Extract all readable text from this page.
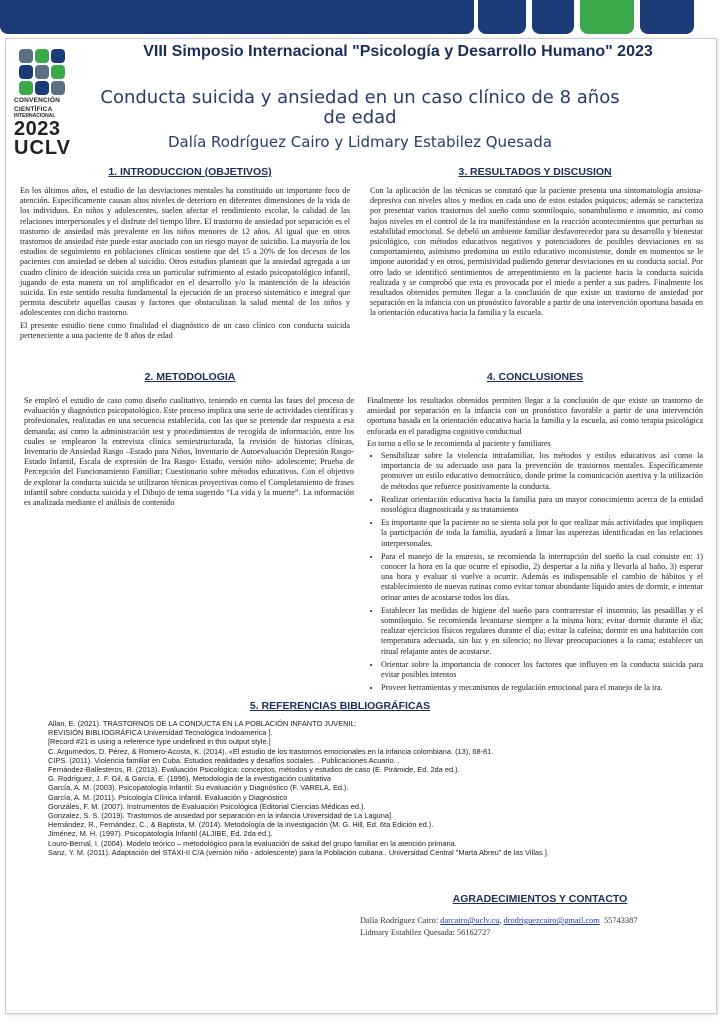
CONVENCIÓN
CIENTÍFICA
INTERNACIONAL
2023
UCLV
VIII Simposio Internacional "Psicología y Desarrollo Humano" 2023
Conducta suicida y ansiedad en un caso clínico de 8 años de edad
Dalía Rodríguez Cairo y Lidmary Estabilez Quesada
1. INTRODUCCION (OBJETIVOS)

En los últimos años, el estudio de las desviaciones mentales ha constituido un importante foco de atención. Específicamente causan altos niveles de deterioro en diferentes dimensiones de la vida de los individuos. En niños y adolescentes, suelen afectar el rendimiento escolar, la calidad de las relaciones interpersonales y el disfrute del tiempo libre. El trastorno de ansiedad por separación es el trastorno de ansiedad más prevalente en los niños menores de 12 años. Al igual que en otros trastornos de ansiedad éste puede estar asociado con un riesgo mayor de suicidio. La mayoría de los estudios de seguimiento en poblaciones clínicas sostiene que del 15 a 20% de los decesos de los pacientes con ansiedad se deben al suicidio. Otros estudios plantean que la ansiedad agregada a un cuadro clínico de ideación suicida crea un particular sufrimiento al estado psicopatológico infantil, jugando de esta manera un rol amplificador en el desarrollo y/o la mantención de la ideación suicida. En este sentido resulta fundamental la ejecución de un proceso sistemático e integral que permita descubrir aquellas causas y factores que obstaculizan la salud mental de los niños y adolescentes con dicho trastorno.

El presente estudio tiene como finalidad el diagnóstico de un caso clínico con conducta suicida perteneciente a una paciente de 8 años de edad

3. RESULTADOS Y DISCUSION

Con la aplicación de las técnicas se constató que la paciente presenta una sintomatología ansiosa-depresiva con niveles altos y medios en cada uno de estos estados psíquicos; además se caracteriza por presentar varios trastornos del sueño como somniloquio, sonambulismo e insomnio, así como bajos niveles en el control de la ira manifestándose en la reacción acontecimientos que perturban su estabilidad emocional. Se debeló un ambiente familiar desfavorecedor para su desarrollo y bienestar psicológico, con métodos educativos negativos y potenciadores de posibles desviaciones en su comportamiento, asimismo predomina un estilo educativo inconsistente, donde en momentos se le impone autoridad y en otros, permisividad pudiendo generar desviaciones en su conducta social. Por otro lado se identificó sentimientos de arrepentimiento en la paciente hacia la conducta suicida realizada y se comprobó que esta es provocada por el miedo a perder a sus padres. Finalmente los resultados obtenidos permiten llegar a la conclusión de que existe un trastorno de ansiedad por separación en la infancia con un pronóstico favorable a partir de una intervención oportuna basada en la orientación educativa hacia la familia y la escuela.

2. METODOLOGIA

Se empleó el estudio de caso como diseño cualitativo, teniendo en cuenta las fases del proceso de evaluación y diagnóstico psicopatológico. Este proceso implica una serie de actividades científicas y profesionales, realizadas en una secuencia establecida, con las que se pretende dar respuesta a esa demanda; así como la administración test y procedimientos de recogida de información, entre los cuales se emplearon la entrevista clínica semiestructurada, la revisión de historias clínicas, Inventario de Ansiedad Rasgo –Estado para Niños, Inventario de Autoevaluación Depresión Rasgo-Estado Infantil, Escala de expresión de Ira Rasgo- Estado, versión niño- adolescente; Prueba de Percepción del Funcionamiento Familiar; Cuestionario sobre métodos educativos. Con el objetivo de explorar la conducta suicida se utilizaron técnicas proyectivas como el Completamiento de frases infantil sobre conducta suicida y el Dibujo de tema sugerido “La vida y la muerte”. La información es analizada mediante el análisis de contenido

4. CONCLUSIONES

Finalmente los resultados obtenidos permiten llegar a la conclusión de que existe un trastorno de ansiedad por separación en la infancia con un pronóstico favorable a partir de una intervención oportuna basada en la orientación educativa hacia la familia y la escuela, así como terapia psicológica enfocada en el paradigma cognitivo conductual

En torno a ello se le recomienda al paciente y familiares

• Sensibilizar sobre la violencia intrafamiliar, los métodos y estilos educativos así como la importancia de su adecuado uso para la prevención de trastornos mentales. Específicamente promover un estilo educativo democrático, donde prime la comunicación asertiva y la utilización de métodos que refuerce positivamente la conducta.
• Realizar orientación educativa hacia la familia para un mayor conocimiento acerca de la entidad nosológica diagnosticada y su tratamiento
• Es importante que la paciente no se sienta sola por lo que realizar más actividades que impliquen la participación de toda la familia, ayudará a limar las asperezas identificadas en las relaciones interpersonales.
• Para el manejo de la enuresis, se recomienda la interrupción del sueño la cual consiste en: 1) conocer la hora en la que ocurre el episodio, 2) despertar a la niña y llevarla al baño, 3) esperar una hora y evaluar si vuelve a ocurrir. Además es indispensable el cambio de hábitos y el establecimiento de nuevas rutinas como evitar tomar abundante líquido antes de dormir, e intentar orinar antes de acostarse todos los días.
• Establecer las medidas de higiene del sueño para contrarrestar el insomnio, las pesadillas y el somniloquio. Se recomienda levantarse siempre a la misma hora; evitar dormir durante el día; realizar ejercicios físicos regulares durante el día; evitar la cafeína; dormir en una habitación con temperatura adecuada, sin luz y en silencio; no llevar preocupaciones a la cama; establecer un ritual relajante antes de acostarse.
• Orientar sobre la importancia de conocer los factores que influyen en la conducta suicida para evitar posibles intentos
• Proveer herramientas y mecanismos de regulación emocional para el manejo de la ira.
5. REFERENCIAS BIBLIOGRÁFICAS
Allan, E. (2021). TRASTORNOS DE LA CONDUCTA EN LA POBLACIÓN INFANTO JUVENIL:
REVISIÓN BIBLIOGRÁFICA Universidad Tecnológica Indoamerica ].
[Record #21 is using a reference type undefined in this output style.]
C. Argumedos, D. Pérez, & Romero-Acosta, K. (2014). «El estudio de los trastornos emocionales en la infancia colombiana. (13), 68-81.
CIPS. (2011). Violencia familiar en Cuba. Estudios realidades y desafíos sociales. . Publicaciones Acuario. .
Fernández-Ballesteros, R. (2013). Evaluación Psicológica: conceptos, métodos y estudios de caso (E. Pirámide, Ed. 2da ed.).
G. Rodríguez, J. F. Gil, & García, E. (1996). Metodología de la investigación cualitativa
García, A. M. (2003). Psicopatología Infantil: Su evaluación y Diagnóstico (F. VARELA, Ed.).
García, A. M. (2011). Psicología Clínica Infantil. Evaluación y Diagnóstico
Gonzáles, F. M. (2007). Instrumentos de Evaluación Psicológica (Editorial Ciencias Médicas ed.).
Gonzalez, S. S. (2019). Trastornos de ansiedad por separación en la infancia Universidad de La Laguna].
Hernández, R., Fernández, C., & Baptista, M. (2014). Metodología de la investigación (M. G. Hill, Ed. 6ta Edición ed.).
Jiménez, M. H. (1997). Psicopatología Infantil (ALJIBE, Ed. 2da ed.).
Louro-Bernal, I. (2004). Modelo teórico – metodológico para la evaluación de salud del grupo familiar en la atención primaria.
Sanz, Y. M. (2011). Adaptación del STAXI-II C/A (versión niño - adolescente) para la Población cubana . Universidad Central "Marta Abreu" de las Villas ].
AGRADECIMIENTOS Y CONTACTO
Dalía Rodríguez Cairo: darcairo@uclv.cu, drodriguezcairo@gmail.com 55743387
Lidmary Estabilez Quesada: 56162727
